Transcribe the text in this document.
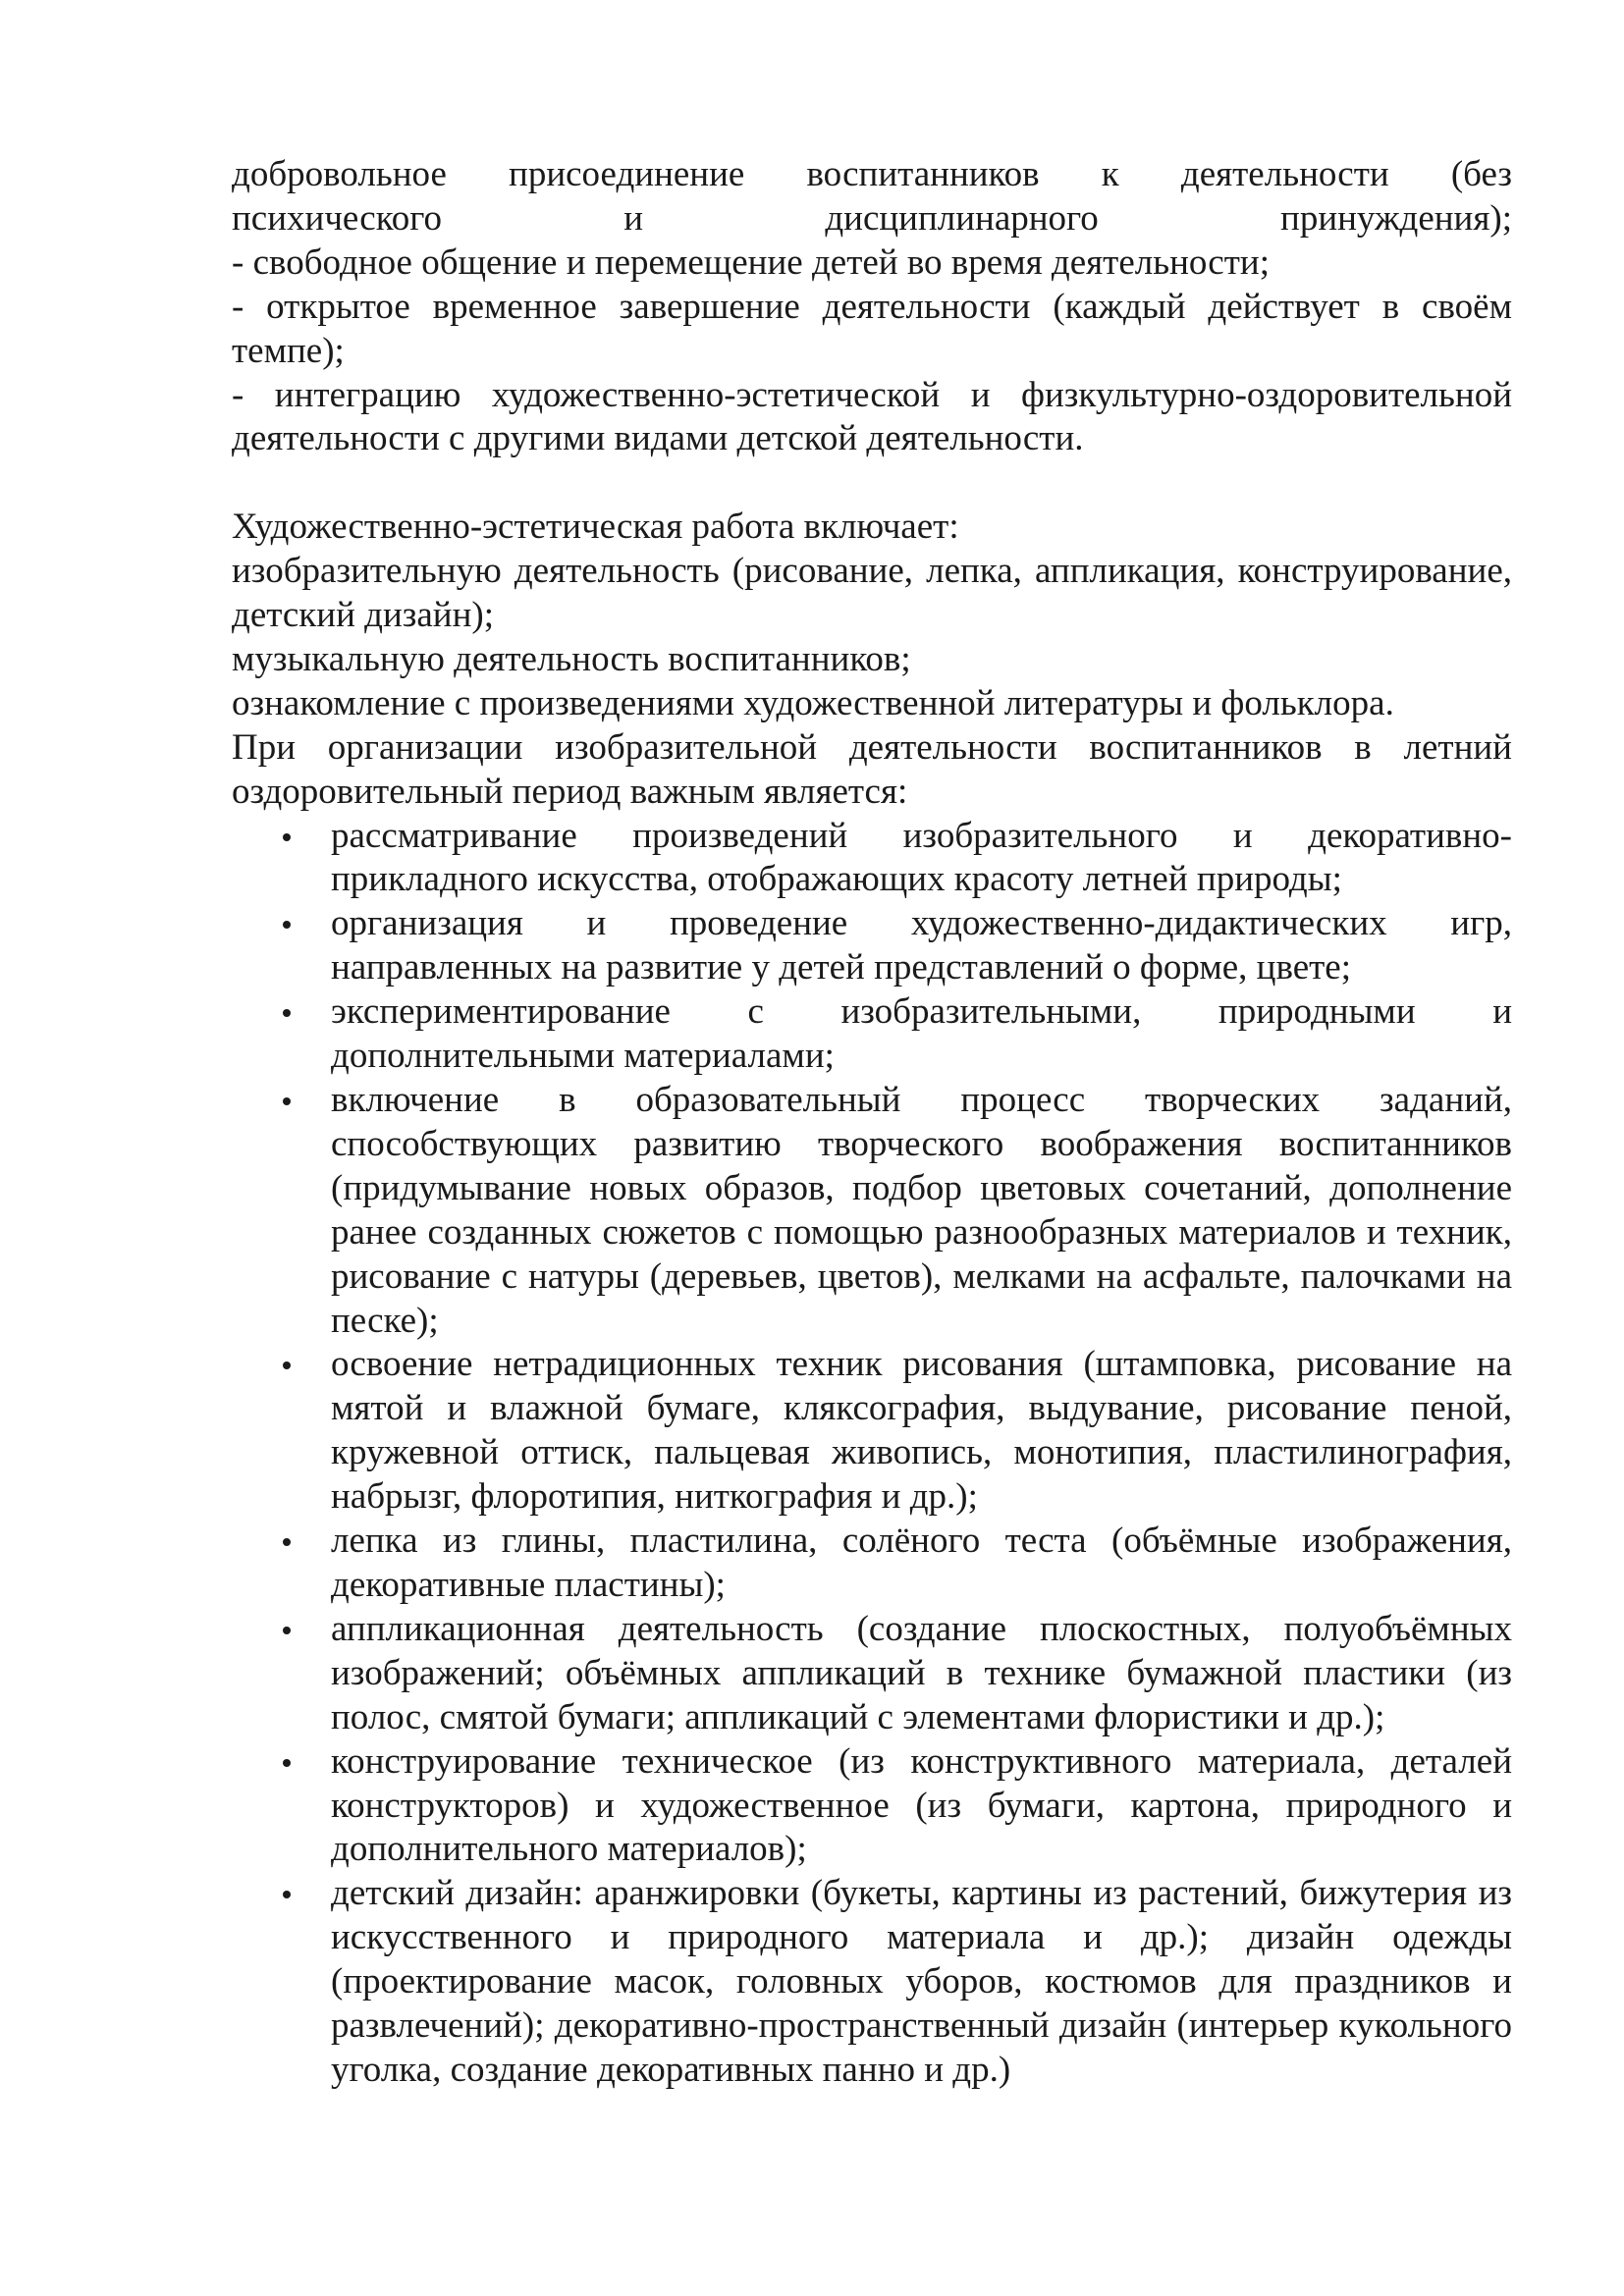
добровольное присоединение воспитанников к деятельности (без
психического	и	дисциплинарного	принуждения);

- свободное общение и перемещение детей во время деятельности;

- открытое временное завершение деятельности (каждый действует в своём темпе);

- интеграцию художественно-эстетической и физкультурно-оздоровительной деятельности с другими видами детской деятельности.

Художественно-эстетическая работа включает:

изобразительную деятельность (рисование, лепка, аппликация, конструирование, детский дизайн);

музыкальную деятельность воспитанников;

ознакомление с произведениями художественной литературы и фольклора.

При организации изобразительной деятельности воспитанников в летний оздоровительный период важным является:

рассматривание произведений изобразительного и декоративно-прикладного искусства, отображающих красоту летней природы;
организация и проведение художественно-дидактических игр, направленных на развитие у детей представлений о форме, цвете;
экспериментирование с изобразительными, природными и дополнительными материалами;
включение в образовательный процесс творческих заданий, способствующих развитию творческого воображения воспитанников (придумывание новых образов, подбор цветовых сочетаний, дополнение ранее созданных сюжетов с помощью разнообразных материалов и техник, рисование с натуры (деревьев, цветов), мелками на асфальте, палочками на песке);
освоение нетрадиционных техник рисования (штамповка, рисование на мятой и влажной бумаге, кляксография, выдувание, рисование пеной, кружевной оттиск, пальцевая живопись, монотипия, пластилинография, набрызг, флоротипия, ниткография и др.);
лепка из глины, пластилина, солёного теста (объёмные изображения, декоративные пластины);
аппликационная деятельность (создание плоскостных, полуобъёмных изображений; объёмных аппликаций в технике бумажной пластики (из полос, смятой бумаги; аппликаций с элементами флористики и др.);
конструирование техническое (из конструктивного материала, деталей конструкторов) и художественное (из бумаги, картона, природного и дополнительного материалов);
детский дизайн: аранжировки (букеты, картины из растений, бижутерия из искусственного и природного материала и др.); дизайн одежды (проектирование масок, головных уборов, костюмов для праздников и развлечений); декоративно-пространственный дизайн (интерьер кукольного уголка, создание декоративных панно и др.)
